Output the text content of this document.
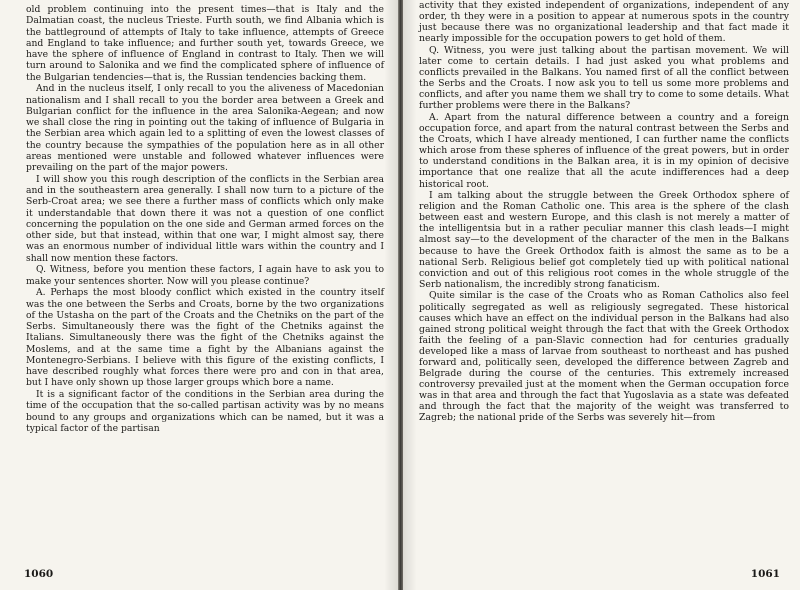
old problem continuing into the present times—that is Italy and the Dalmatian coast, the nucleus Trieste. Furth south, we find Albania which is the battleground of attempts of Italy to take influence, attempts of Greece and England to take influence; and further south yet, towards Greece, we have the sphere of influence of England in contrast to Italy. Then we will turn around to Salonika and we find the complicated sphere of influence of the Bulgarian tendencies—that is, the Russian tendencies backing them.

And in the nucleus itself, I only recall to you the aliveness of Macedonian nationalism and I shall recall to you the border area between a Greek and Bulgarian conflict for the influence in the area Salonika-Aegean; and now we shall close the ring in pointing out the taking of influence of Bulgaria in the Serbian area which again led to a splitting of even the lowest classes of the country because the sympathies of the population here as in all other areas mentioned were unstable and followed whatever influences were prevailing on the part of the major powers.

I will show you this rough description of the conflicts in the Serbian area and in the southeastern area generally. I shall now turn to a picture of the Serb-Croat area; we see there a further mass of conflicts which only make it understandable that down there it was not a question of one conflict concerning the population on the one side and German armed forces on the other side, but that instead, within that one war, I might almost say, there was an enormous number of individual little wars within the country and I shall now mention these factors.

Q. Witness, before you mention these factors, I again have to ask you to make your sentences shorter. Now will you please continue?

A. Perhaps the most bloody conflict which existed in the country itself was the one between the Serbs and Croats, borne by the two organizations of the Ustasha on the part of the Croats and the Chetniks on the part of the Serbs. Simultaneously there was the fight of the Chetniks against the Italians. Simultaneously there was the fight of the Chetniks against the Moslems, and at the same time a fight by the Albanians against the Montenegro-Serbians. I believe with this figure of the existing conflicts, I have described roughly what forces there were pro and con in that area, but I have only shown up those larger groups which bore a name.

It is a significant factor of the conditions in the Serbian area during the time of the occupation that the so-called partisan activity was by no means bound to any groups and organizations which can be named, but it was a typical factor of the partisan

1060

activity that they existed independent of organizations, independent of any order, th they were in a position to appear at numerous spots in the country just because there was no organizational leadership and that fact made it nearly impossible for the occupation powers to get hold of them.

Q. Witness, you were just talking about the partisan movement. We will later come to certain details. I had just asked you what problems and conflicts prevailed in the Balkans. You named first of all the conflict between the Serbs and the Croats. I now ask you to tell us some more problems and conflicts, and after you name them we shall try to come to some details. What further problems were there in the Balkans?

A. Apart from the natural difference between a country and a foreign occupation force, and apart from the natural contrast between the Serbs and the Croats, which I have already mentioned, I can further name the conflicts which arose from these spheres of influence of the great powers, but in order to understand conditions in the Balkan area, it is in my opinion of decisive importance that one realize that all the acute indifferences had a deep historical root.

I am talking about the struggle between the Greek Orthodox sphere of religion and the Roman Catholic one. This area is the sphere of the clash between east and western Europe, and this clash is not merely a matter of the intelligentsia but in a rather peculiar manner this clash leads—I might almost say—to the development of the character of the men in the Balkans because to have the Greek Orthodox faith is almost the same as to be a national Serb. Religious belief got completely tied up with political national conviction and out of this religious root comes in the whole struggle of the Serb nationalism, the incredibly strong fanaticism.

Quite similar is the case of the Croats who as Roman Catholics also feel politically segregated as well as religiously segregated. These historical causes which have an effect on the individual person in the Balkans had also gained strong political weight through the fact that with the Greek Orthodox faith the feeling of a pan-Slavic connection had for centuries gradually developed like a mass of larvae from southeast to northeast and has pushed forward and, politically seen, developed the difference between Zagreb and Belgrade during the course of the centuries. This extremely increased controversy prevailed just at the moment when the German occupation force was in that area and through the fact that Yugoslavia as a state was defeated and through the fact that the majority of the weight was transferred to Zagreb; the national pride of the Serbs was severely hit—from

1061
